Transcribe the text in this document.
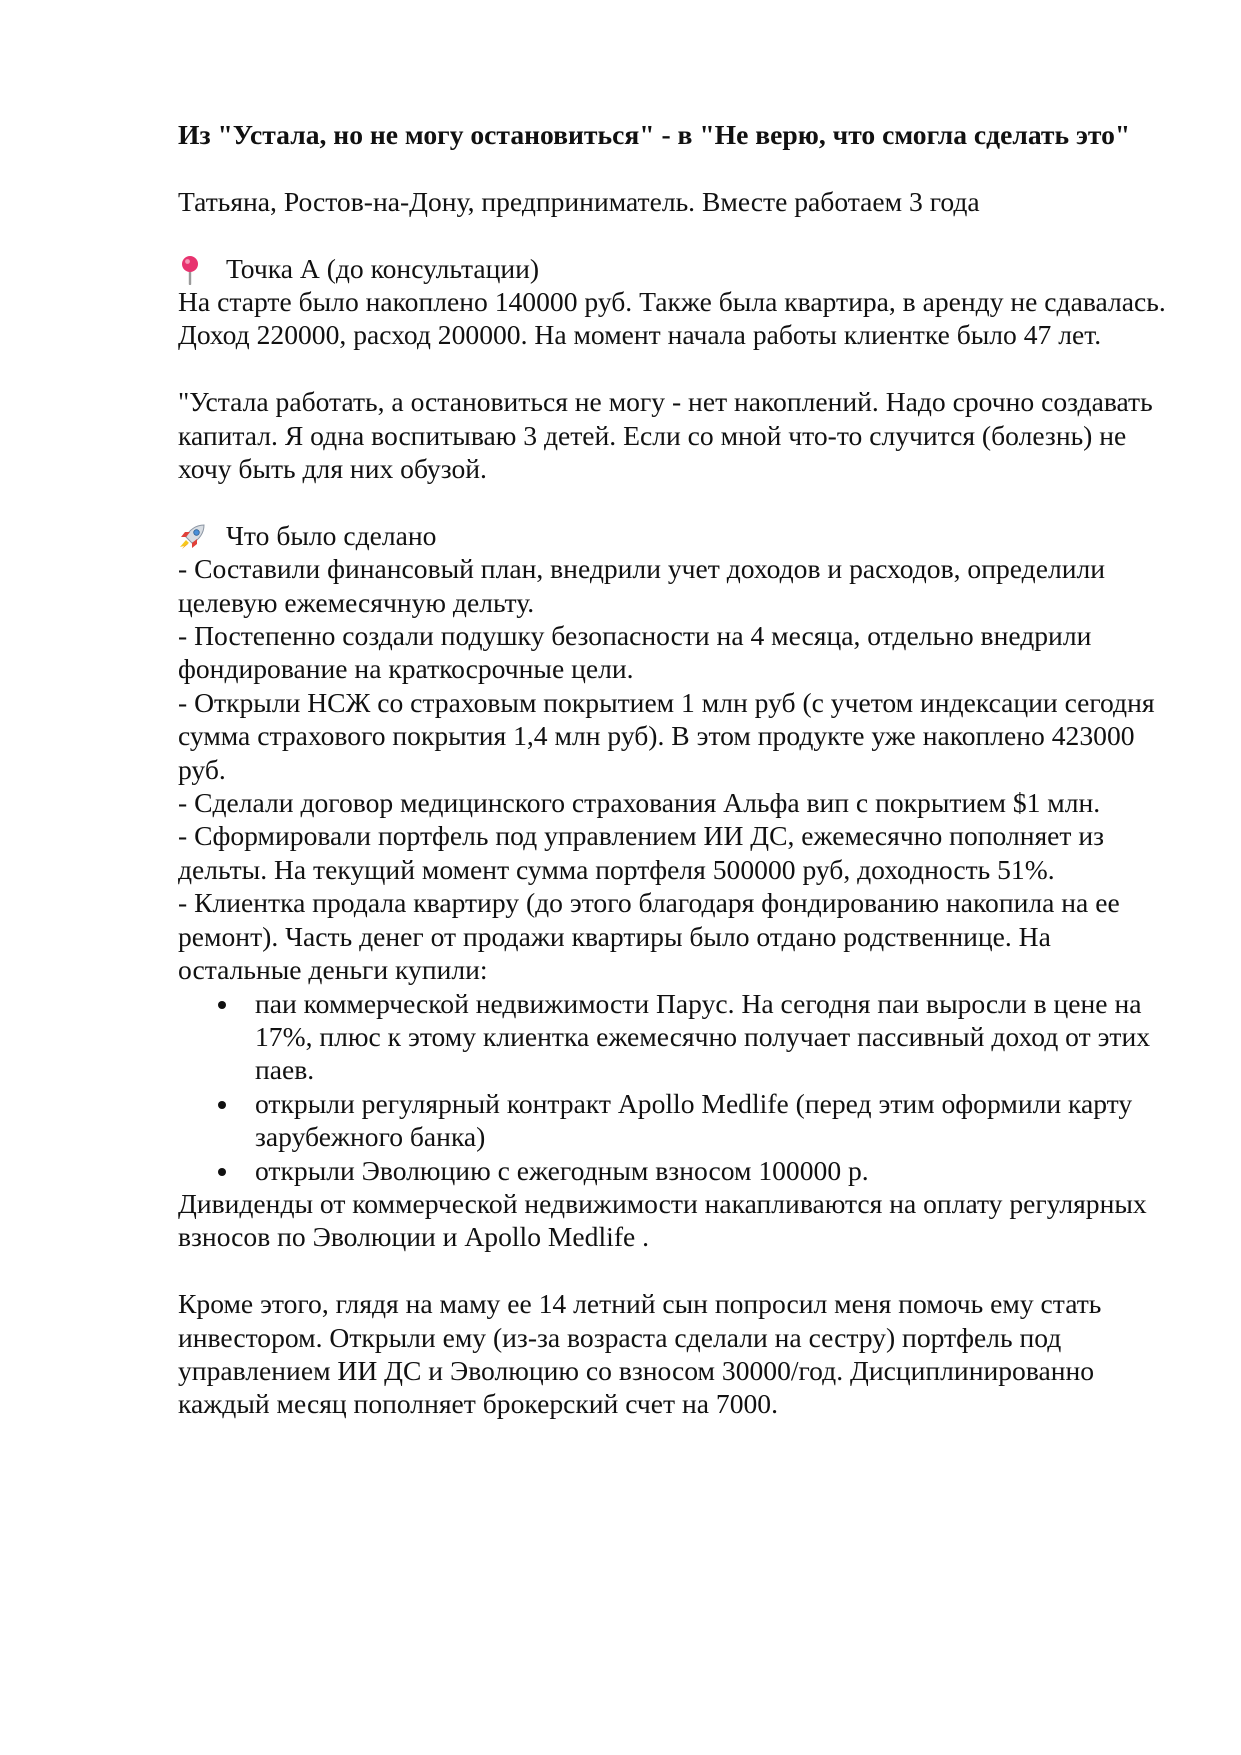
Из "Устала, но не могу остановиться" - в "Не верю, что смогла сделать это"

Татьяна, Ростов-на-Дону, предприниматель. Вместе работаем 3 года

Точка А (до консультации)

На старте было накоплено 140000 руб. Также была квартира, в аренду не сдавалась. Доход 220000, расход 200000. На момент начала работы клиентке было 47 лет.

"Устала работать, а остановиться не могу - нет накоплений. Надо срочно создавать капитал. Я одна воспитываю 3 детей. Если со мной что-то случится (болезнь) не хочу быть для них обузой.

Что было сделано

- Составили финансовый план, внедрили учет доходов и расходов, определили целевую ежемесячную дельту.

- Постепенно создали подушку безопасности на 4 месяца, отдельно внедрили фондирование на краткосрочные цели.

- Открыли НСЖ со страховым покрытием 1 млн руб (с учетом индексации сегодня сумма страхового покрытия 1,4 млн руб). В этом продукте уже накоплено 423000 руб.

- Сделали договор медицинского страхования Альфа вип с покрытием $1 млн.

- Сформировали портфель под управлением ИИ ДС, ежемесячно пополняет из дельты. На текущий момент сумма портфеля 500000 руб, доходность 51%.

- Клиентка продала квартиру (до этого благодаря фондированию накопила на ее ремонт). Часть денег от продажи квартиры было отдано родственнице. На остальные деньги купили:

паи коммерческой недвижимости Парус. На сегодня паи выросли в цене на 17%, плюс к этому клиентка ежемесячно получает пассивный доход от этих паев.
открыли регулярный контракт Apollo Medlife (перед этим оформили карту зарубежного банка)
открыли Эволюцию с ежегодным взносом 100000 р.

Дивиденды от коммерческой недвижимости накапливаются на оплату регулярных взносов по Эволюции и Apollo Medlife .

Кроме этого, глядя на маму ее 14 летний сын попросил меня помочь ему стать инвестором. Открыли ему (из-за возраста сделали на сестру) портфель под управлением ИИ ДС и Эволюцию со взносом 30000/год. Дисциплинированно каждый месяц пополняет брокерский счет на 7000.
